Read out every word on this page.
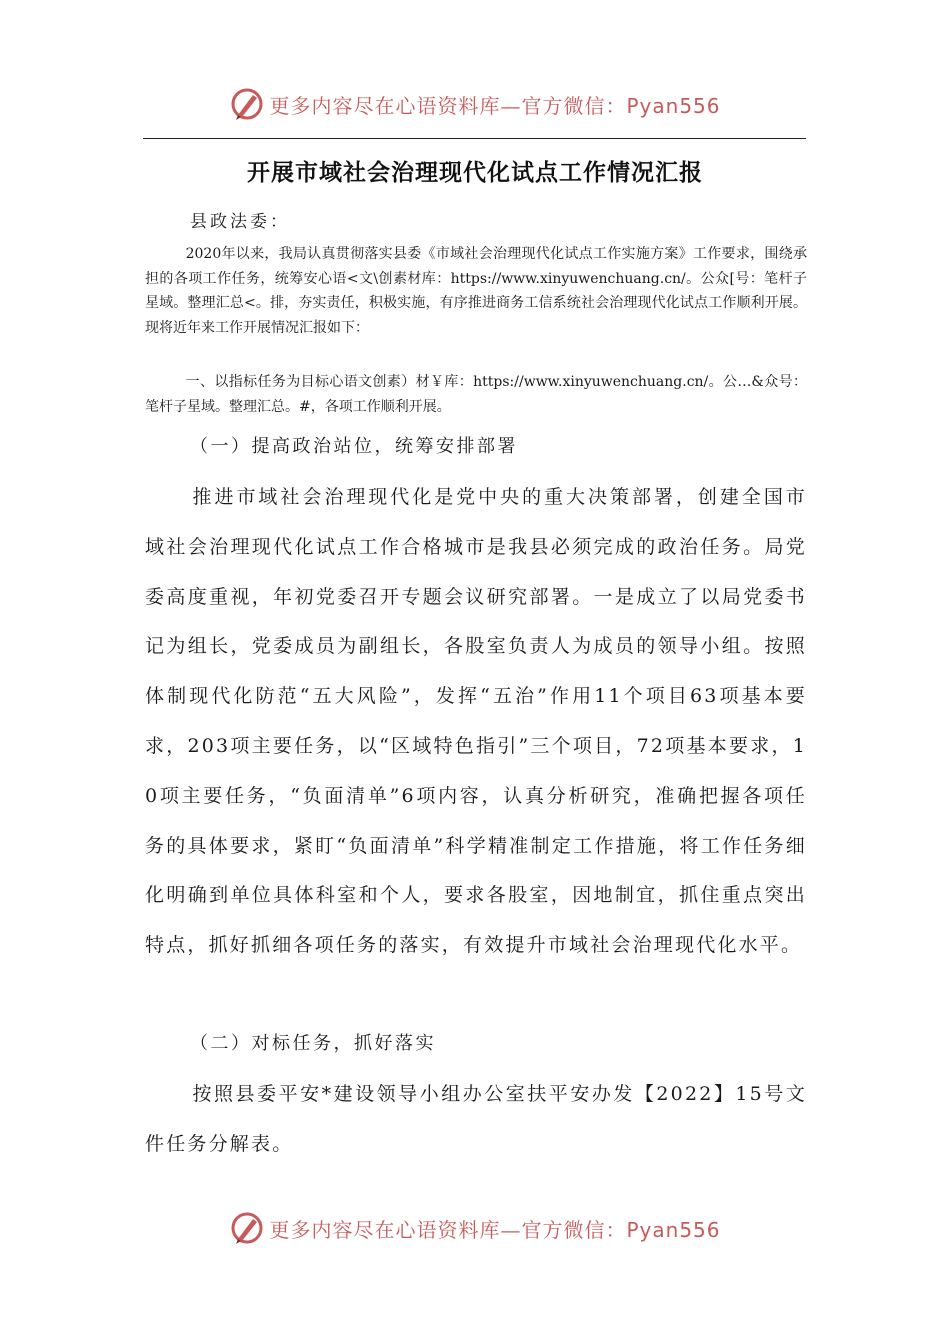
更多内容尽在心语资料库—官方微信：Pyan556
开展市域社会治理现代化试点工作情况汇报
县政法委：

2020年以来，我局认真贯彻落实县委《市域社会治理现代化试点工作实施方案》工作要求，围绕承担的各项工作任务，统筹安心语<文\创素材库：https://www.xinyuwenchuang.cn/。公众[号：笔杆子星域。整理汇总<。排，夯实责任，积极实施，有序推进商务工信系统社会治理现代化试点工作顺利开展。现将近年来工作开展情况汇报如下：

一、以指标任务为目标心语文创素）材￥库：https://www.xinyuwenchuang.cn/。公…&众号：笔杆子星域。整理汇总。#，各项工作顺利开展。

（一）提高政治站位，统筹安排部署

推进市域社会治理现代化是党中央的重大决策部署，创建全国市域社会治理现代化试点工作合格城市是我县必须完成的政治任务。局党委高度重视，年初党委召开专题会议研究部署。一是成立了以局党委书记为组长，党委成员为副组长，各股室负责人为成员的领导小组。按照体制现代化防范“五大风险”，发挥“五治”作用11个项目63项基本要求，203项主要任务，以“区域特色指引”三个项目，72项基本要求，10项主要任务，“负面清单”6项内容，认真分析研究，准确把握各项任务的具体要求，紧盯“负面清单”科学精准制定工作措施，将工作任务细化明确到单位具体科室和个人，要求各股室，因地制宜，抓住重点突出特点，抓好抓细各项任务的落实，有效提升市域社会治理现代化水平。

（二）对标任务，抓好落实

按照县委平安*建设领导小组办公室扶平安办发【2022】15号文件任务分解表。

更多内容尽在心语资料库—官方微信：Pyan556
